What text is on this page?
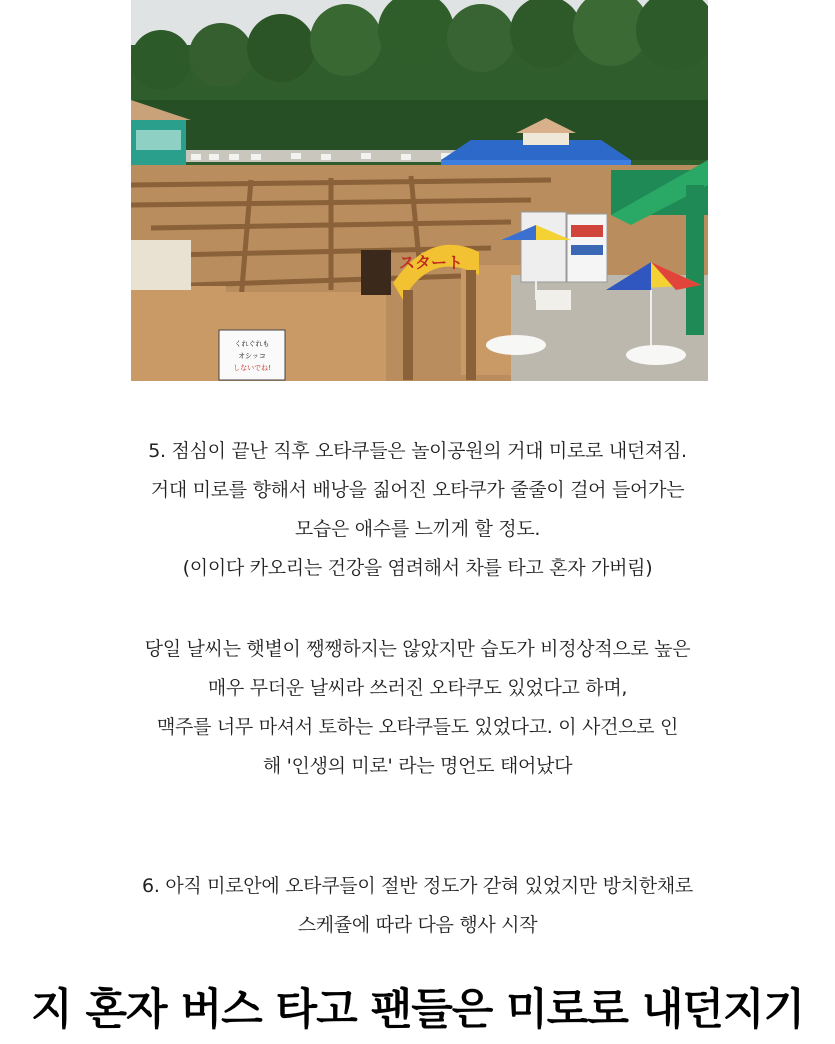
スタート
くれぐれも
オシッコ
しないでね!
5. 점심이 끝난 직후 오타쿠들은 놀이공원의 거대 미로로 내던져짐.
거대 미로를 향해서 배낭을 짊어진 오타쿠가 줄줄이 걸어 들어가는
모습은 애수를 느끼게 할 정도.
(이이다 카오리는 건강을 염려해서 차를 타고 혼자 가버림)
당일 날씨는 햇볕이 쨍쨍하지는 않았지만 습도가 비정상적으로 높은
매우 무더운 날씨라 쓰러진 오타쿠도 있었다고 하며,
맥주를 너무 마셔서 토하는 오타쿠들도 있었다고. 이 사건으로 인
해 '인생의 미로' 라는 명언도 태어났다
6. 아직 미로안에 오타쿠들이 절반 정도가 갇혀 있었지만 방치한채로
스케쥴에 따라 다음 행사 시작
지 혼자 버스 타고 팬들은 미로로 내던지기
